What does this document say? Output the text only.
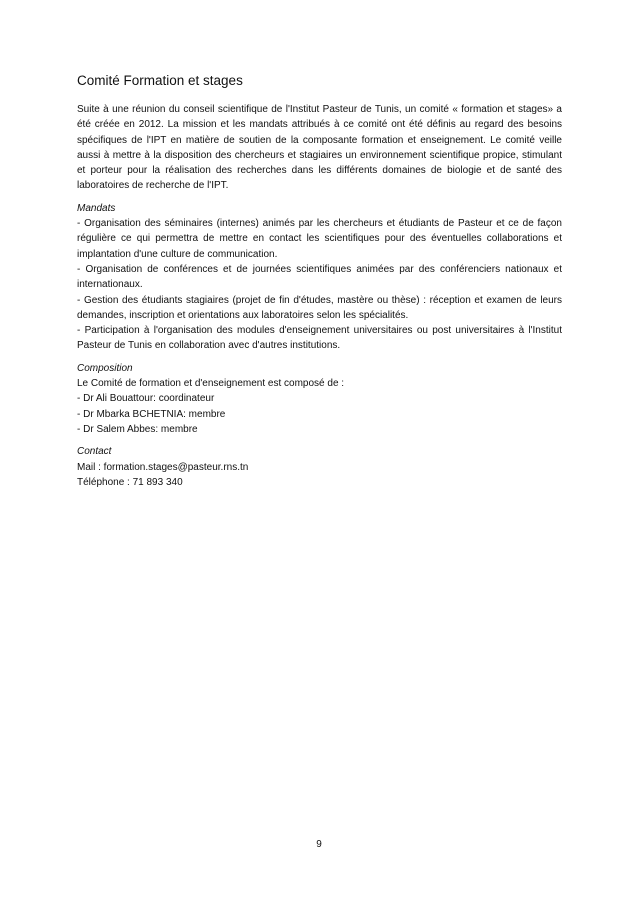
Comité Formation et stages

Suite à une réunion du conseil scientifique de l'Institut Pasteur de Tunis, un comité « formation et stages» a été créée en 2012. La mission et les mandats attribués à ce comité ont été définis au regard des besoins spécifiques de l'IPT en matière de soutien de la composante formation et enseignement. Le comité veille aussi à mettre à la disposition des chercheurs et stagiaires un environnement scientifique propice, stimulant et porteur pour la réalisation des recherches dans les différents domaines de biologie et de santé des laboratoires de recherche de l'IPT.

Mandats

- Organisation des séminaires (internes) animés par les chercheurs et étudiants de Pasteur et ce de façon régulière ce qui permettra de mettre en contact les scientifiques pour des éventuelles collaborations et implantation d'une culture de communication.

- Organisation de conférences et de journées scientifiques animées par des conférenciers nationaux et internationaux.

- Gestion des étudiants stagiaires (projet de fin d'études, mastère ou thèse) : réception et examen de leurs demandes, inscription et orientations aux laboratoires selon les spécialités.

- Participation à l'organisation des modules d'enseignement universitaires ou post universitaires à l'Institut Pasteur de Tunis en collaboration avec d'autres institutions.

Composition

Le Comité de formation et d'enseignement est composé de :

- Dr Ali Bouattour: coordinateur

- Dr Mbarka BCHETNIA: membre

- Dr Salem Abbes: membre

Contact

Mail : formation.stages@pasteur.rns.tn

Téléphone : 71 893 340

9
